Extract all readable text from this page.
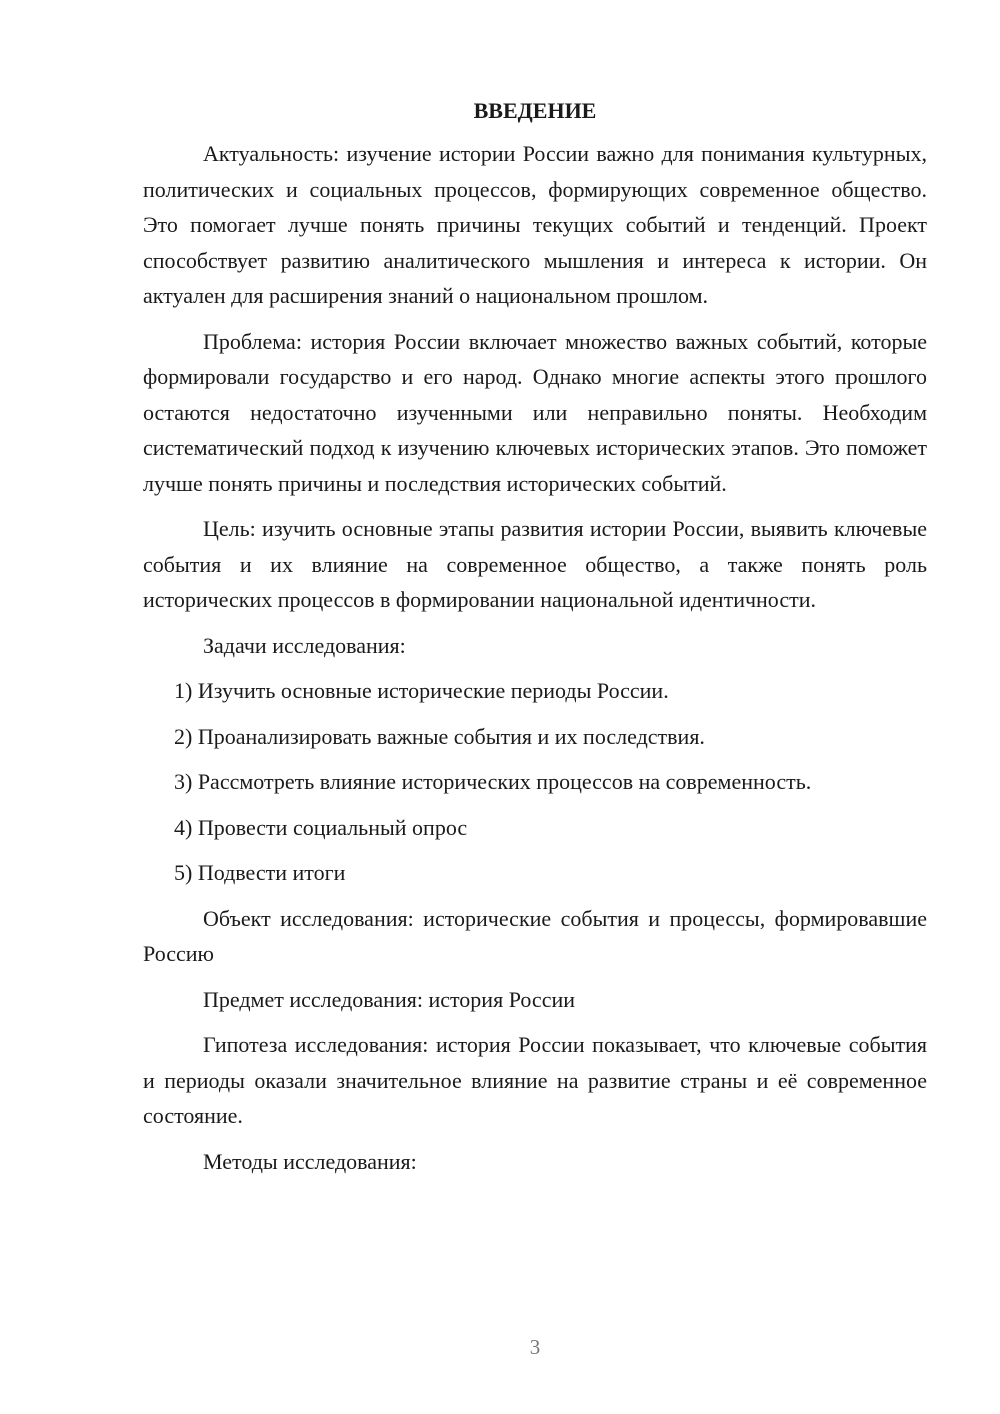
ВВЕДЕНИЕ

Актуальность: изучение истории России важно для понимания культурных, политических и социальных процессов, формирующих современное общество. Это помогает лучше понять причины текущих событий и тенденций. Проект способствует развитию аналитического мышления и интереса к истории. Он актуален для расширения знаний о национальном прошлом.

Проблема: история России включает множество важных событий, которые формировали государство и его народ. Однако многие аспекты этого прошлого остаются недостаточно изученными или неправильно поняты. Необходим систематический подход к изучению ключевых исторических этапов. Это поможет лучше понять причины и последствия исторических событий.

Цель: изучить основные этапы развития истории России, выявить ключевые события и их влияние на современное общество, а также понять роль исторических процессов в формировании национальной идентичности.

Задачи исследования:

1) Изучить основные исторические периоды России.

2) Проанализировать важные события и их последствия.

3) Рассмотреть влияние исторических процессов на современность.

4) Провести социальный опрос

5) Подвести итоги

Объект исследования: исторические события и процессы, формировавшие Россию

Предмет исследования: история России

Гипотеза исследования: история России показывает, что ключевые события и периоды оказали значительное влияние на развитие страны и её современное состояние.

Методы исследования:

3
